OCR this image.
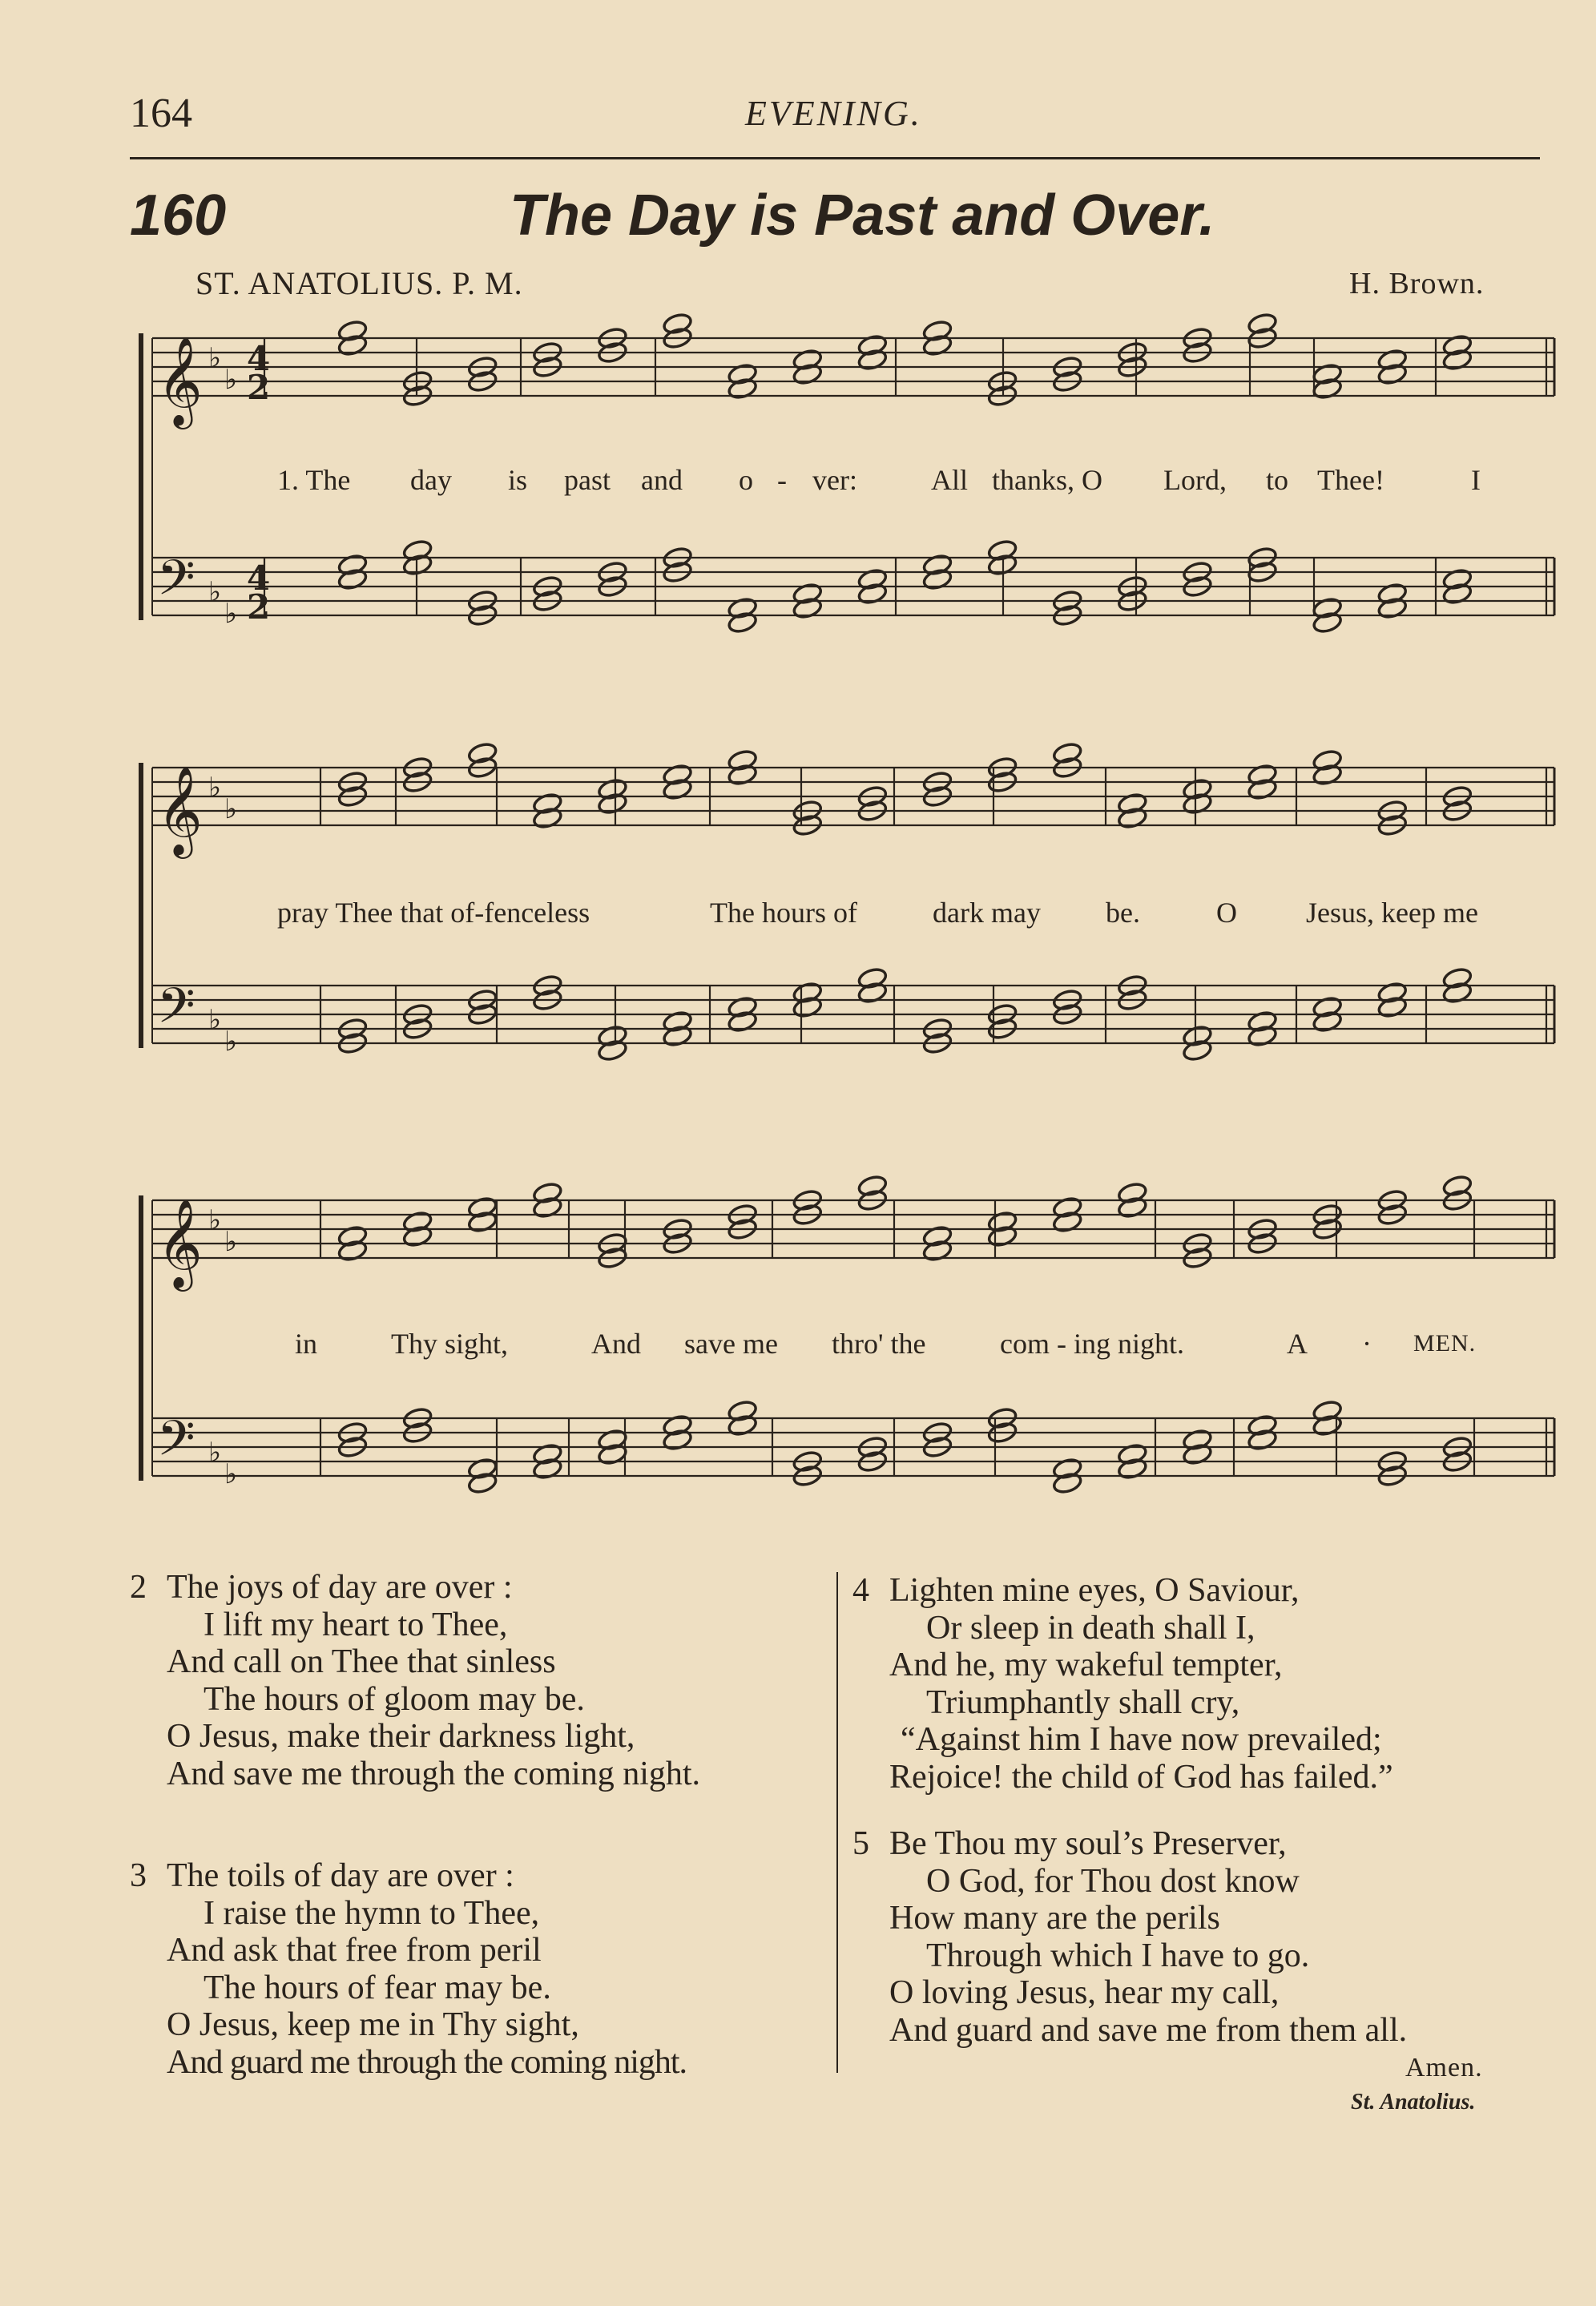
164	EVENING.
160	The Day is Past and Over.
ST. ANATOLIUS. P. M.	H. Brown.
𝄞
𝄢
♭
♭
♭
♭
4
2
4
2
𝄞
𝄢
♭
♭
♭
♭
𝄞
𝄢
♭
♭
♭
♭
1. The day is past and o - ver:	All thanks, O Lord, to Thee!	I
pray Thee that of-fenceless	The hours of	dark may be.	O Jesus, keep me
in	Thy sight,	And save me thro' the	com - ing night.	A · MEN.
2 The joys of day are over :
I lift my heart to Thee,
And call on Thee that sinless
The hours of gloom may be.
O Jesus, make their darkness light,
And save me through the coming night.
3 The toils of day are over :
I raise the hymn to Thee,
And ask that free from peril
The hours of fear may be.
O Jesus, keep me in Thy sight,
And guard me through the coming night.
4 Lighten mine eyes, O Saviour,
Or sleep in death shall I,
And he, my wakeful tempter,
Triumphantly shall cry,
“Against him I have now prevailed;
Rejoice! the child of God has failed.”
5 Be Thou my soul’s Preserver,
O God, for Thou dost know
How many are the perils
Through which I have to go.
O loving Jesus, hear my call,
And guard and save me from them all.
Amen.
St. Anatolius.
